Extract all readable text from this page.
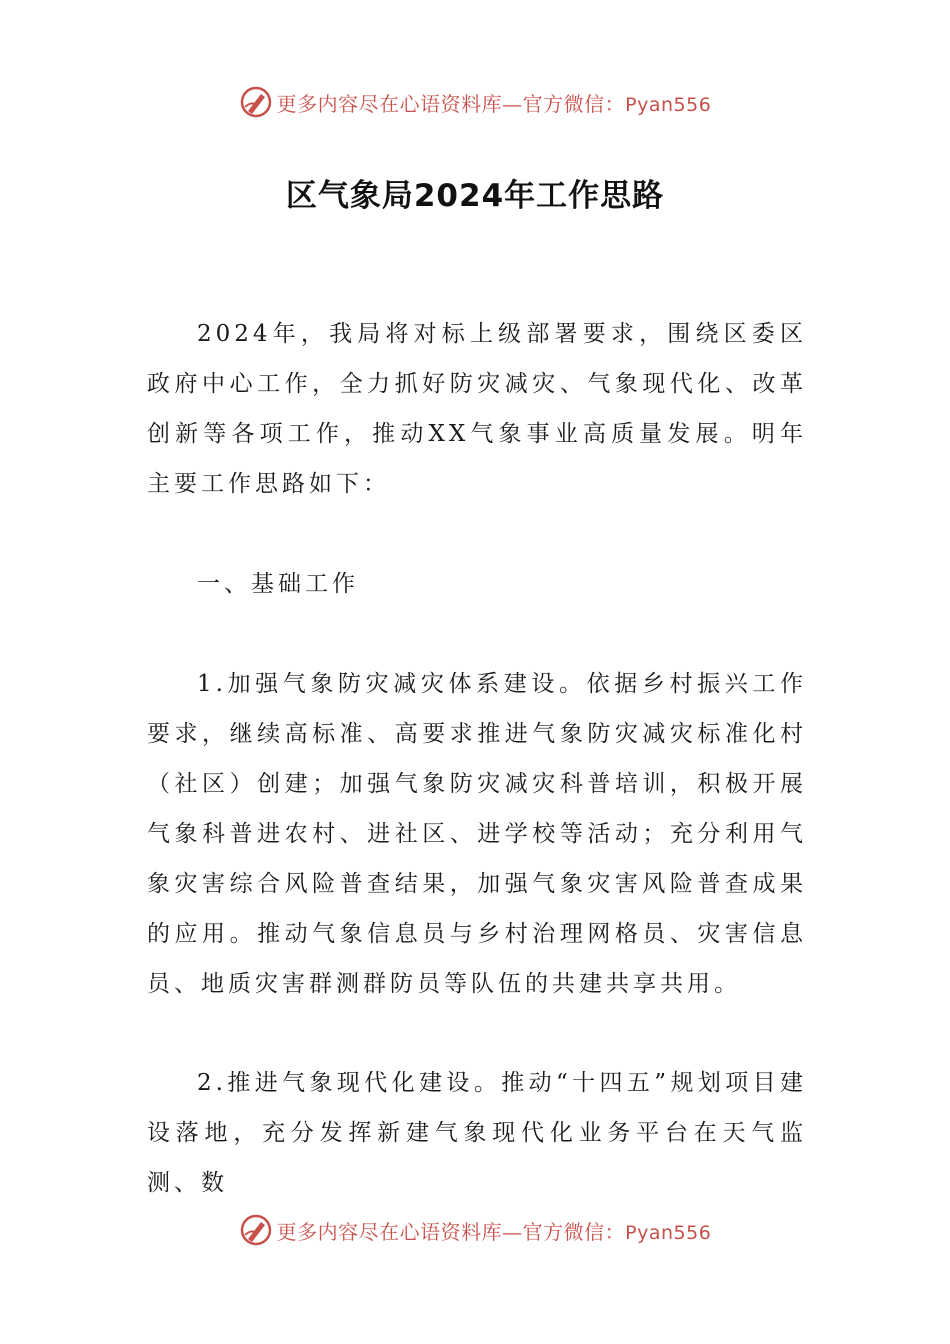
更多内容尽在心语资料库—官方微信：Pyan556
区气象局2024年工作思路

2024年，我局将对标上级部署要求，围绕区委区政府中心工作，全力抓好防灾减灾、气象现代化、改革创新等各项工作，推动XX气象事业高质量发展。明年主要工作思路如下：

一、基础工作

1.加强气象防灾减灾体系建设。依据乡村振兴工作要求，继续高标准、高要求推进气象防灾减灾标准化村（社区）创建；加强气象防灾减灾科普培训，积极开展气象科普进农村、进社区、进学校等活动；充分利用气象灾害综合风险普查结果，加强气象灾害风险普查成果的应用。推动气象信息员与乡村治理网格员、灾害信息员、地质灾害群测群防员等队伍的共建共享共用。

2.推进气象现代化建设。推动“十四五”规划项目建设落地，充分发挥新建气象现代化业务平台在天气监测、数

更多内容尽在心语资料库—官方微信：Pyan556
